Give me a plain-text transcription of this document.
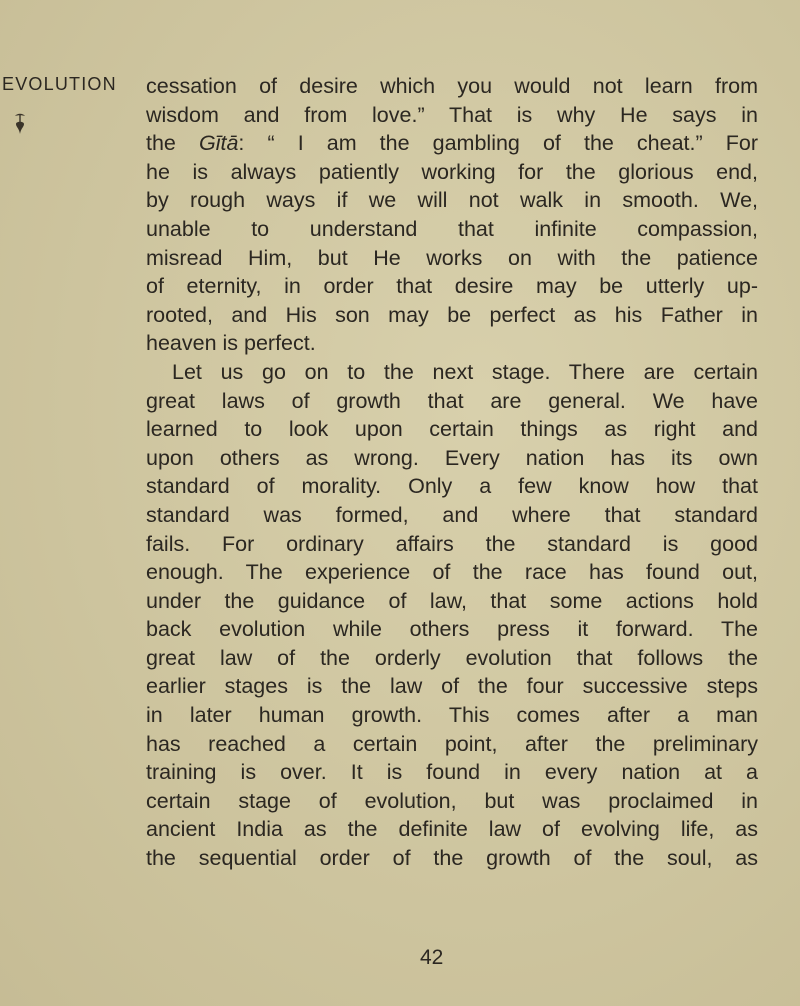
EVOLUTION cessation of desire which you would not learn from
wisdom and from love.” That is why He says in
the Gītā: “ I am the gambling of the cheat.” For
he is always patiently working for the glorious end,
by rough ways if we will not walk in smooth. We,
unable to understand that infinite compassion,
misread Him, but He works on with the patience
of eternity, in order that desire may be utterly up-
rooted, and His son may be perfect as his Father in
heaven is perfect.
Let us go on to the next stage. There are certain
great laws of growth that are general. We have
learned to look upon certain things as right and
upon others as wrong. Every nation has its own
standard of morality. Only a few know how that
standard was formed, and where that standard
fails. For ordinary affairs the standard is good
enough. The experience of the race has found out,
under the guidance of law, that some actions hold
back evolution while others press it forward. The
great law of the orderly evolution that follows the
earlier stages is the law of the four successive steps
in later human growth. This comes after a man
has reached a certain point, after the preliminary
training is over. It is found in every nation at a
certain stage of evolution, but was proclaimed in
ancient India as the definite law of evolving life, as
the sequential order of the growth of the soul, as
42
